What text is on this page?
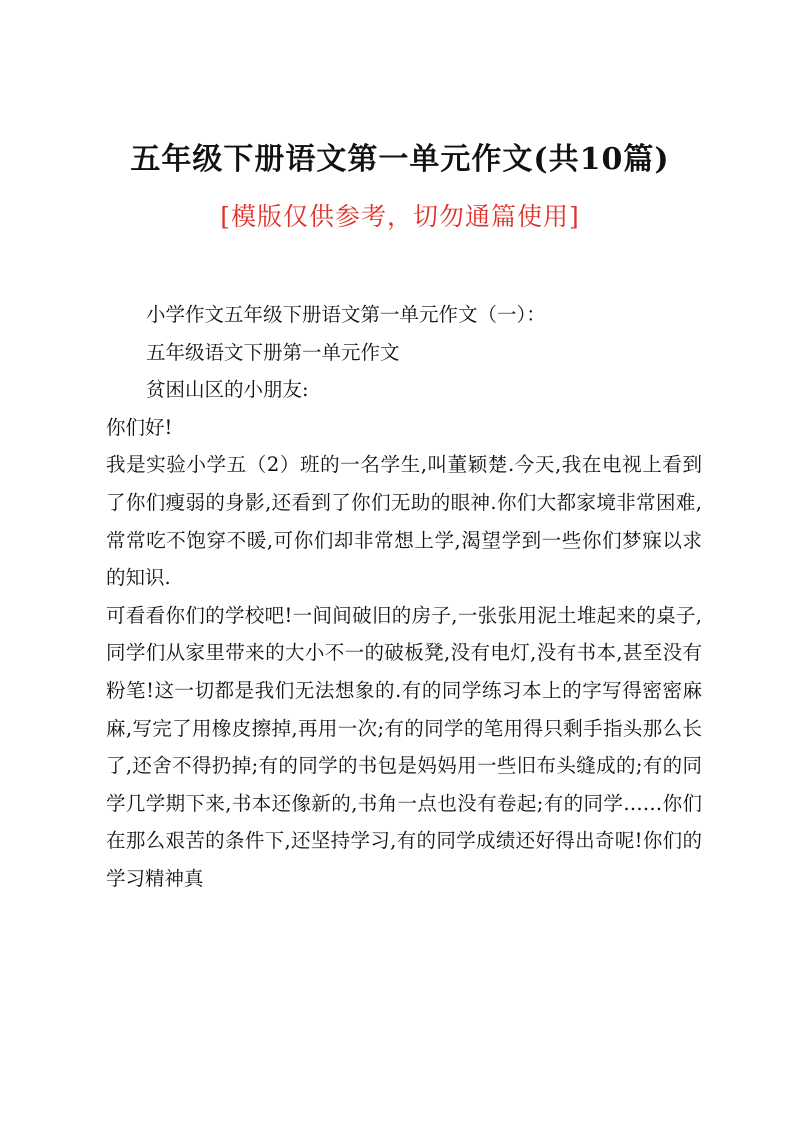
五年级下册语文第一单元作文(共10篇)
[模版仅供参考，切勿通篇使用]
小学作文五年级下册语文第一单元作文（一）：
五年级语文下册第一单元作文
贫困山区的小朋友:
你们好!
我是实验小学五（2）班的一名学生,叫董颖楚.今天,我在电视上看到了你们瘦弱的身影,还看到了你们无助的眼神.你们大都家境非常困难,常常吃不饱穿不暖,可你们却非常想上学,渴望学到一些你们梦寐以求的知识.
可看看你们的学校吧!一间间破旧的房子,一张张用泥土堆起来的桌子,同学们从家里带来的大小不一的破板凳,没有电灯,没有书本,甚至没有粉笔!这一切都是我们无法想象的.有的同学练习本上的字写得密密麻麻,写完了用橡皮擦掉,再用一次;有的同学的笔用得只剩手指头那么长了,还舍不得扔掉;有的同学的书包是妈妈用一些旧布头缝成的;有的同学几学期下来,书本还像新的,书角一点也没有卷起;有的同学……你们在那么艰苦的条件下,还坚持学习,有的同学成绩还好得出奇呢!你们的学习精神真
